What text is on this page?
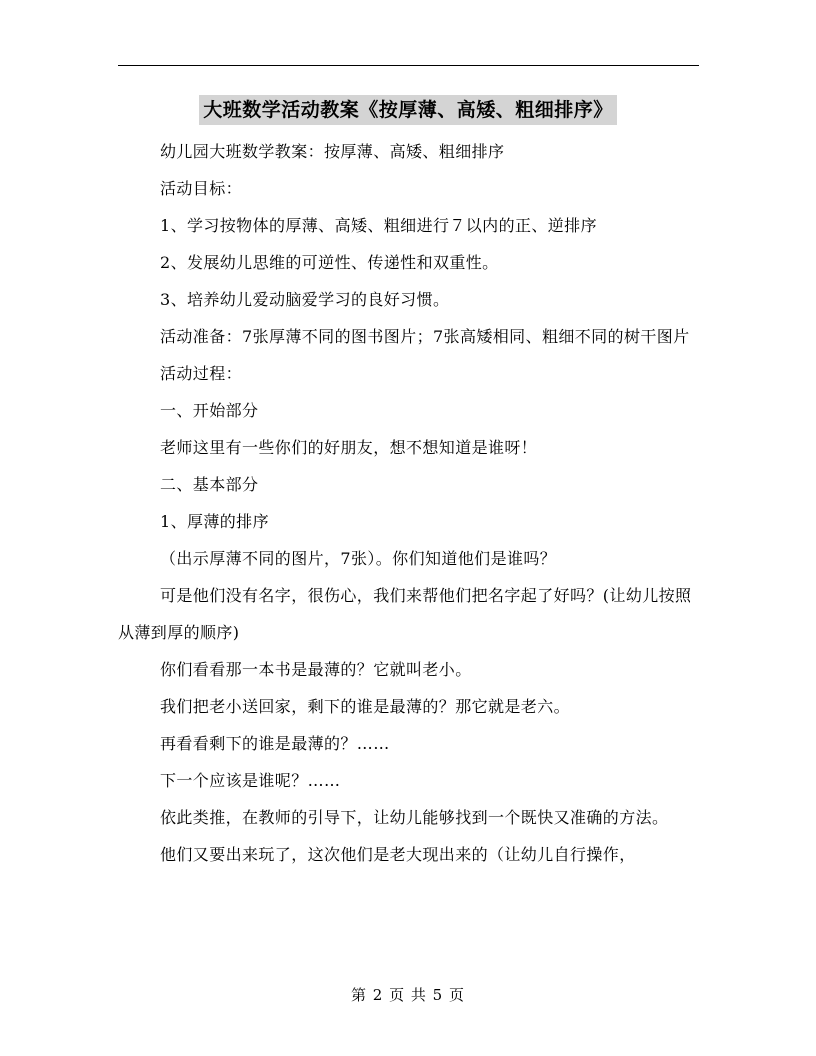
大班数学活动教案《按厚薄、高矮、粗细排序》

幼儿园大班数学教案：按厚薄、高矮、粗细排序

活动目标：

1、学习按物体的厚薄、高矮、粗细进行７以内的正、逆排序

2、发展幼儿思维的可逆性、传递性和双重性。

3、培养幼儿爱动脑爱学习的良好习惯。

活动准备：7张厚薄不同的图书图片；7张高矮相同、粗细不同的树干图片

活动过程：

一、开始部分

老师这里有一些你们的好朋友，想不想知道是谁呀！

二、基本部分

1、厚薄的排序

（出示厚薄不同的图片，7张）。你们知道他们是谁吗？

可是他们没有名字，很伤心，我们来帮他们把名字起了好吗？(让幼儿按照从薄到厚的顺序)

你们看看那一本书是最薄的？它就叫老小。

我们把老小送回家，剩下的谁是最薄的？那它就是老六。

再看看剩下的谁是最薄的？……

下一个应该是谁呢？……

依此类推，在教师的引导下，让幼儿能够找到一个既快又准确的方法。

他们又要出来玩了，这次他们是老大现出来的（让幼儿自行操作，

第 2 页 共 5 页
